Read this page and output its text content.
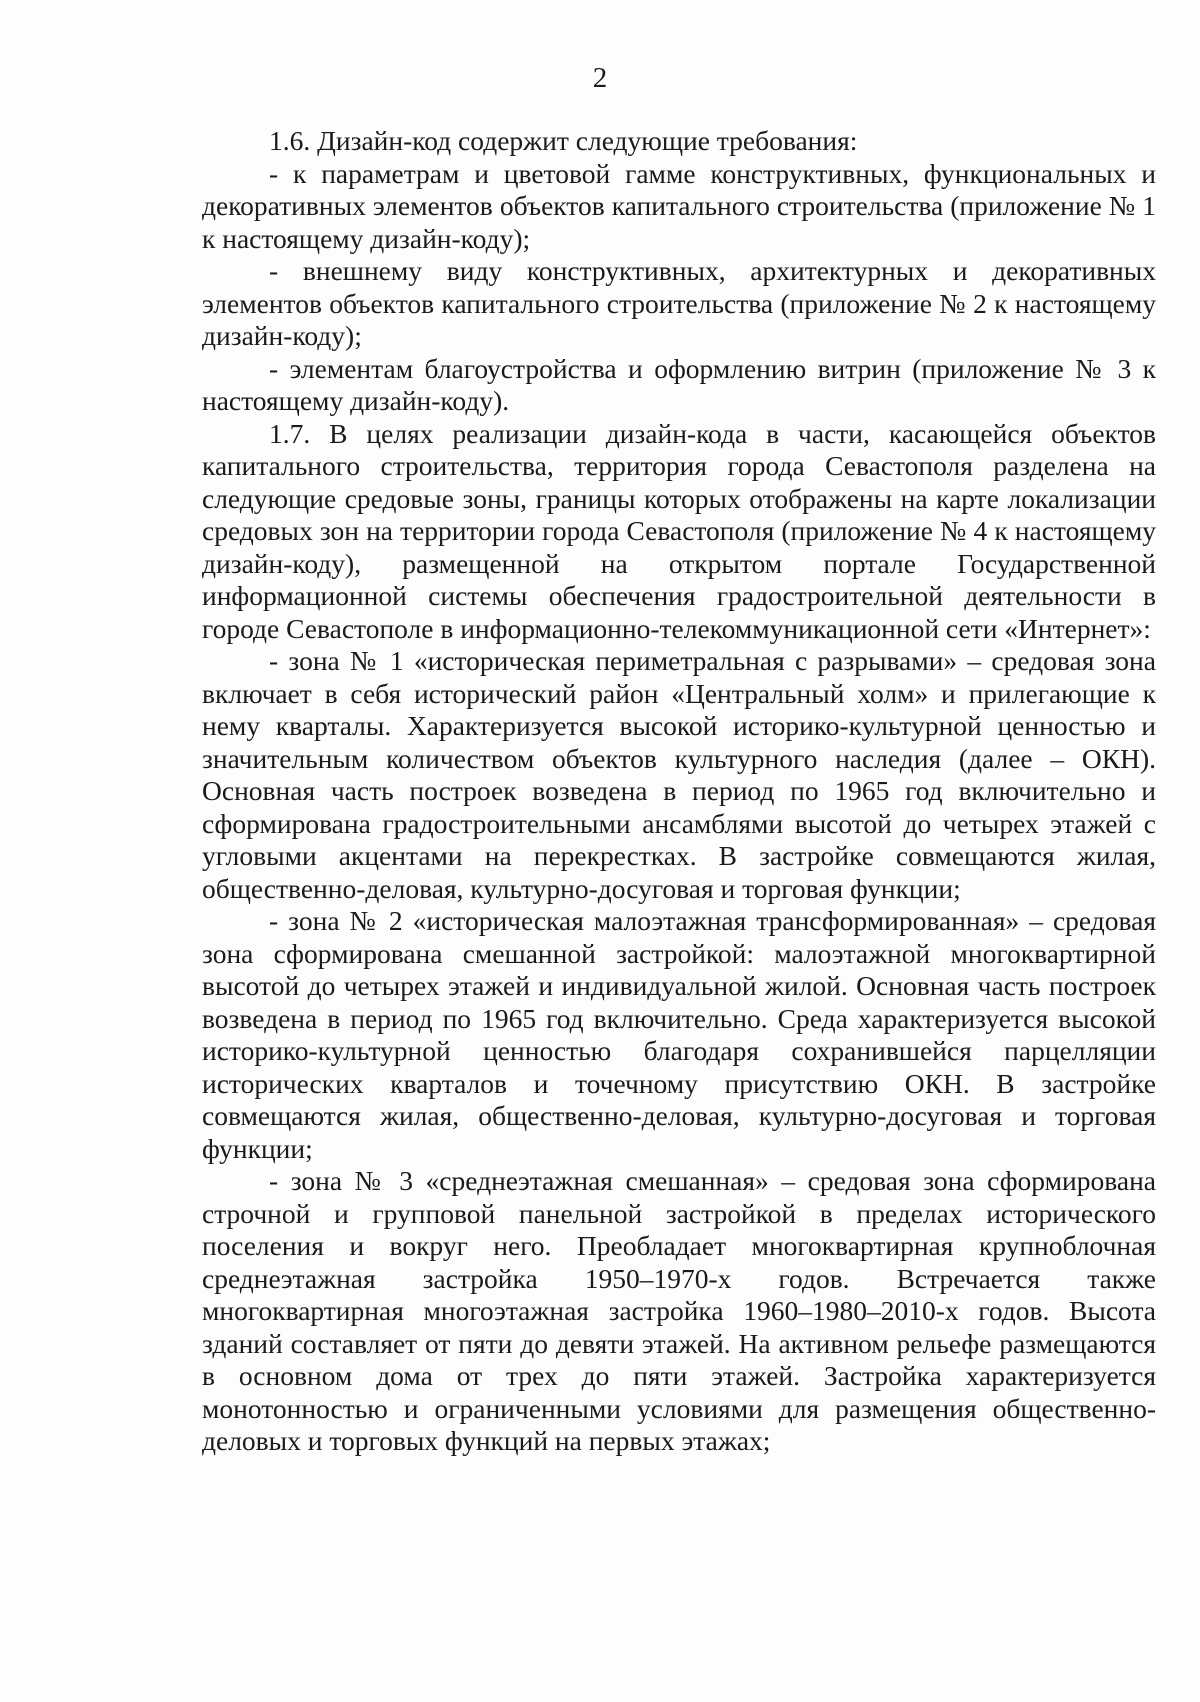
2

1.6. Дизайн-код содержит следующие требования:

- к параметрам и цветовой гамме конструктивных, функциональных и декоративных элементов объектов капитального строительства (приложение № 1 к настоящему дизайн-коду);

- внешнему виду конструктивных, архитектурных и декоративных элементов объектов капитального строительства (приложение № 2 к настоящему дизайн-коду);

- элементам благоустройства и оформлению витрин (приложение № 3 к настоящему дизайн-коду).

1.7. В целях реализации дизайн-кода в части, касающейся объектов капитального строительства, территория города Севастополя разделена на следующие средовые зоны, границы которых отображены на карте локализации средовых зон на территории города Севастополя (приложение № 4 к настоящему дизайн-коду), размещенной на открытом портале Государственной информационной системы обеспечения градостроительной деятельности в городе Севастополе в информационно-телекоммуникационной сети «Интернет»:

- зона № 1 «историческая периметральная с разрывами» – средовая зона включает в себя исторический район «Центральный холм» и прилегающие к нему кварталы. Характеризуется высокой историко-культурной ценностью и значительным количеством объектов культурного наследия (далее – ОКН). Основная часть построек возведена в период по 1965 год включительно и сформирована градостроительными ансамблями высотой до четырех этажей с угловыми акцентами на перекрестках. В застройке совмещаются жилая, общественно-деловая, культурно-досуговая и торговая функции;

- зона № 2 «историческая малоэтажная трансформированная» – средовая зона сформирована смешанной застройкой: малоэтажной многоквартирной высотой до четырех этажей и индивидуальной жилой. Основная часть построек возведена в период по 1965 год включительно. Среда характеризуется высокой историко-культурной ценностью благодаря сохранившейся парцелляции исторических кварталов и точечному присутствию ОКН. В застройке совмещаются жилая, общественно-деловая, культурно-досуговая и торговая функции;

- зона № 3 «среднеэтажная смешанная» – средовая зона сформирована строчной и групповой панельной застройкой в пределах исторического поселения и вокруг него. Преобладает многоквартирная крупноблочная среднеэтажная застройка 1950–1970-х годов. Встречается также многоквартирная многоэтажная застройка 1960–1980–2010-х годов. Высота зданий составляет от пяти до девяти этажей. На активном рельефе размещаются в основном дома от трех до пяти этажей. Застройка характеризуется монотонностью и ограниченными условиями для размещения общественно-деловых и торговых функций на первых этажах;
